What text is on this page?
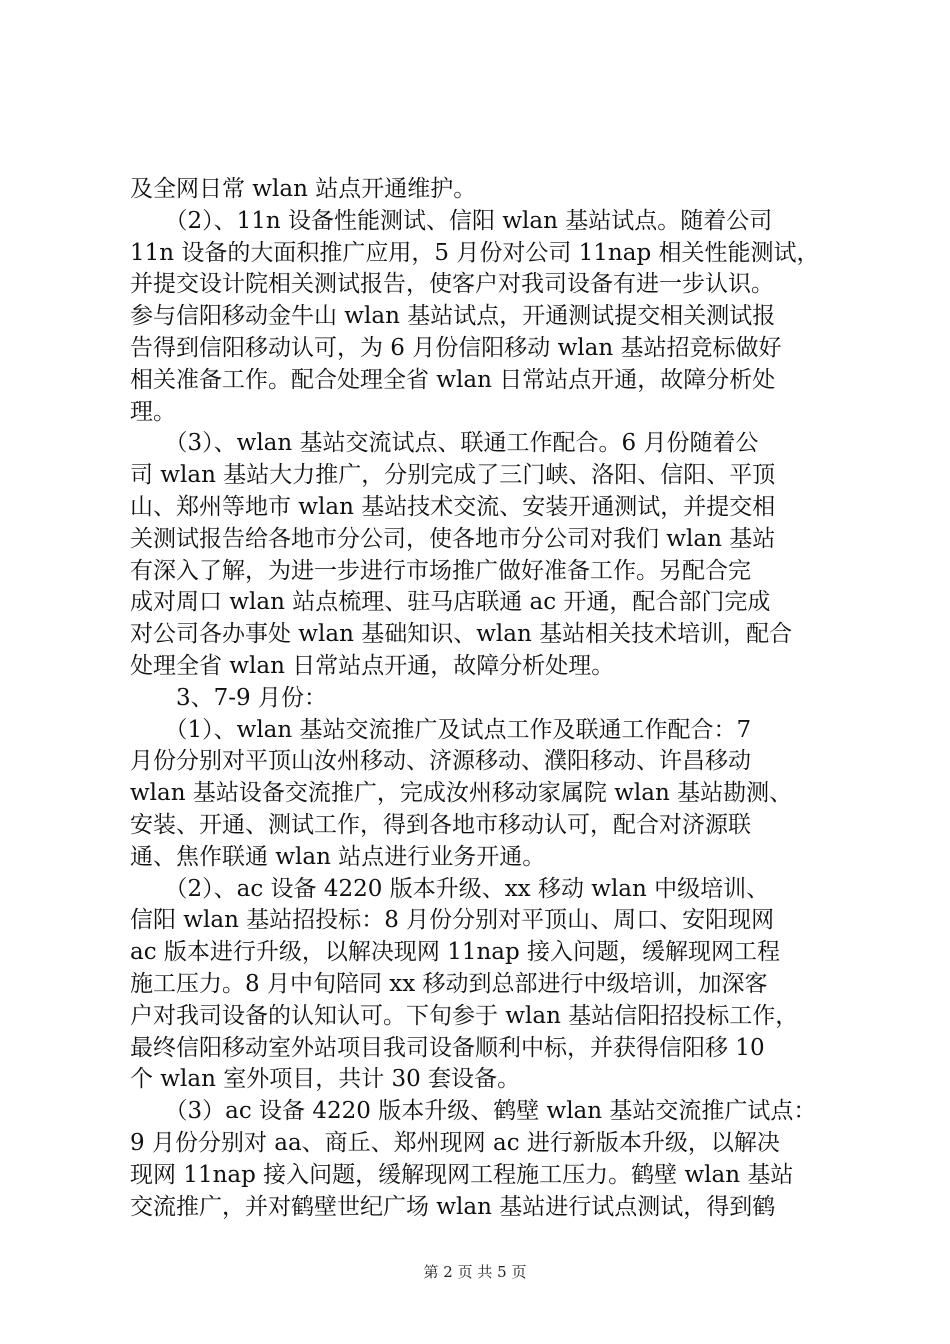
及全网日常 wlan 站点开通维护。
　　（2）、11n 设备性能测试、信阳 wlan 基站试点。随着公司
11n 设备的大面积推广应用，5 月份对公司 11nap 相关性能测试，
并提交设计院相关测试报告，使客户对我司设备有进一步认识。
参与信阳移动金牛山 wlan 基站试点，开通测试提交相关测试报
告得到信阳移动认可，为 6 月份信阳移动 wlan 基站招竞标做好
相关准备工作。配合处理全省 wlan 日常站点开通，故障分析处
理。
　　（3）、wlan 基站交流试点、联通工作配合。6 月份随着公
司 wlan 基站大力推广，分别完成了三门峡、洛阳、信阳、平顶
山、郑州等地市 wlan 基站技术交流、安装开通测试，并提交相
关测试报告给各地市分公司，使各地市分公司对我们 wlan 基站
有深入了解，为进一步进行市场推广做好准备工作。另配合完
成对周口 wlan 站点梳理、驻马店联通 ac 开通，配合部门完成
对公司各办事处 wlan 基础知识、wlan 基站相关技术培训，配合
处理全省 wlan 日常站点开通，故障分析处理。
　　3、7-9 月份：
　　（1）、wlan 基站交流推广及试点工作及联通工作配合：7
月份分别对平顶山汝州移动、济源移动、濮阳移动、许昌移动
wlan 基站设备交流推广，完成汝州移动家属院 wlan 基站勘测、
安装、开通、测试工作，得到各地市移动认可，配合对济源联
通、焦作联通 wlan 站点进行业务开通。
　　（2）、ac 设备 4220 版本升级、xx 移动 wlan 中级培训、
信阳 wlan 基站招投标：8 月份分别对平顶山、周口、安阳现网
ac 版本进行升级，以解决现网 11nap 接入问题，缓解现网工程
施工压力。8 月中旬陪同 xx 移动到总部进行中级培训，加深客
户对我司设备的认知认可。下旬参于 wlan 基站信阳招投标工作，
最终信阳移动室外站项目我司设备顺利中标，并获得信阳移 10
个 wlan 室外项目，共计 30 套设备。
　　（3）ac 设备 4220 版本升级、鹤壁 wlan 基站交流推广试点：
9 月份分别对 aa、商丘、郑州现网 ac 进行新版本升级，以解决
现网 11nap 接入问题，缓解现网工程施工压力。鹤壁 wlan 基站
交流推广，并对鹤壁世纪广场 wlan 基站进行试点测试，得到鹤
第 2 页 共 5 页
